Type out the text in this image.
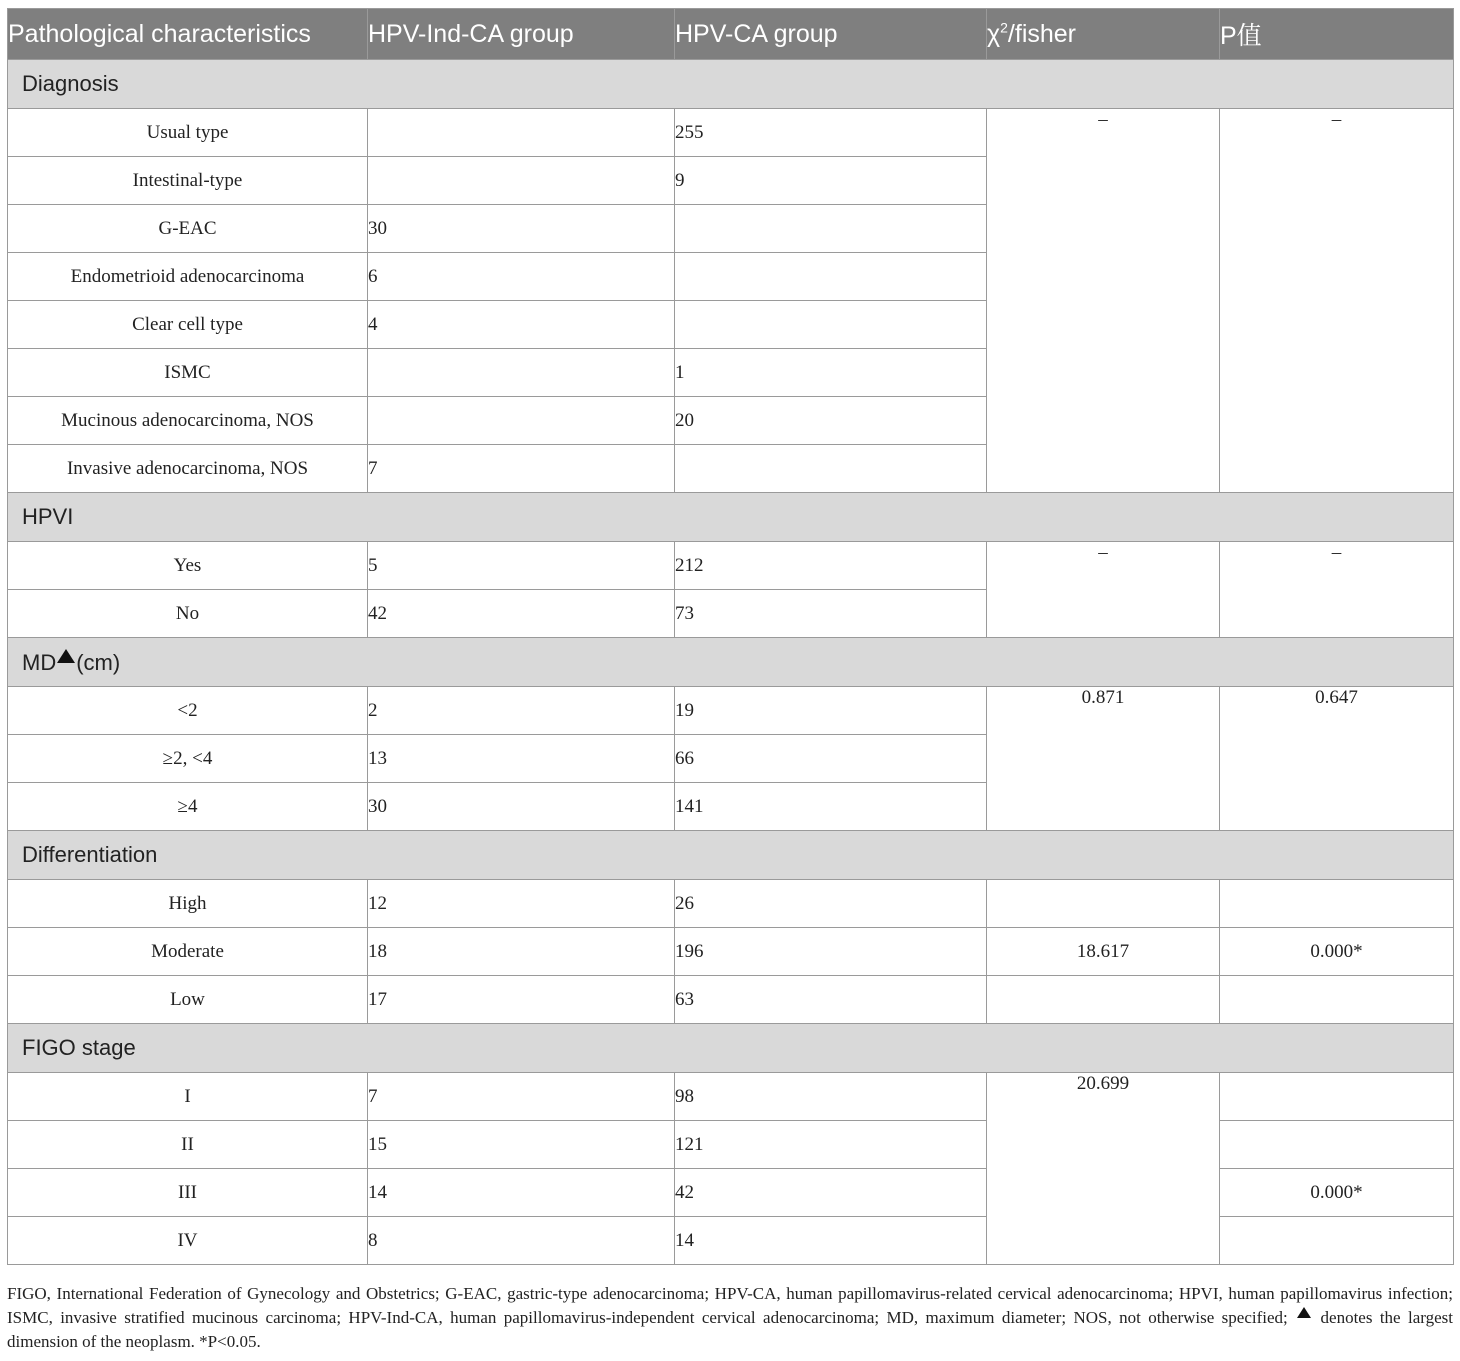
Pathological characteristics	HPV-Ind-CA group	HPV-CA group	$\chi^2$/fisher	P值
Diagnosis				
Usual type		255	–	–
Intestinal-type		9		
G-EAC	30			
Endometrioid adenocarcinoma	6			
Clear cell type	4			
ISMC		1		
Mucinous adenocarcinoma, NOS		20		
Invasive adenocarcinoma, NOS	7			
HPVI				
Yes	5	212	–	–
No	42	73		
MD (cm)				
<2	2	19	0.871	0.647
≥2, <4	13	66		
≥4	30	141		
Differentiation				
High	12	26		
Moderate	18	196	18.617	0.000*
Low	17	63		
FIGO stage				
I	7	98	20.699	
II	15	121		
III	14	42		0.000*
IV	8	14		
FIGO, International Federation of Gynecology and Obstetrics; G-EAC, gastric-type adenocarcinoma; HPV-CA, human papillomavirus-related cervical adenocarcinoma; HPVI, human papillomavirus infection; ISMC, invasive stratified mucinous carcinoma; HPV-Ind-CA, human papillomavirus-independent cervical adenocarcinoma; MD, maximum diameter; NOS, not otherwise specified;  denotes the largest dimension of the neoplasm. *P<0.05.
